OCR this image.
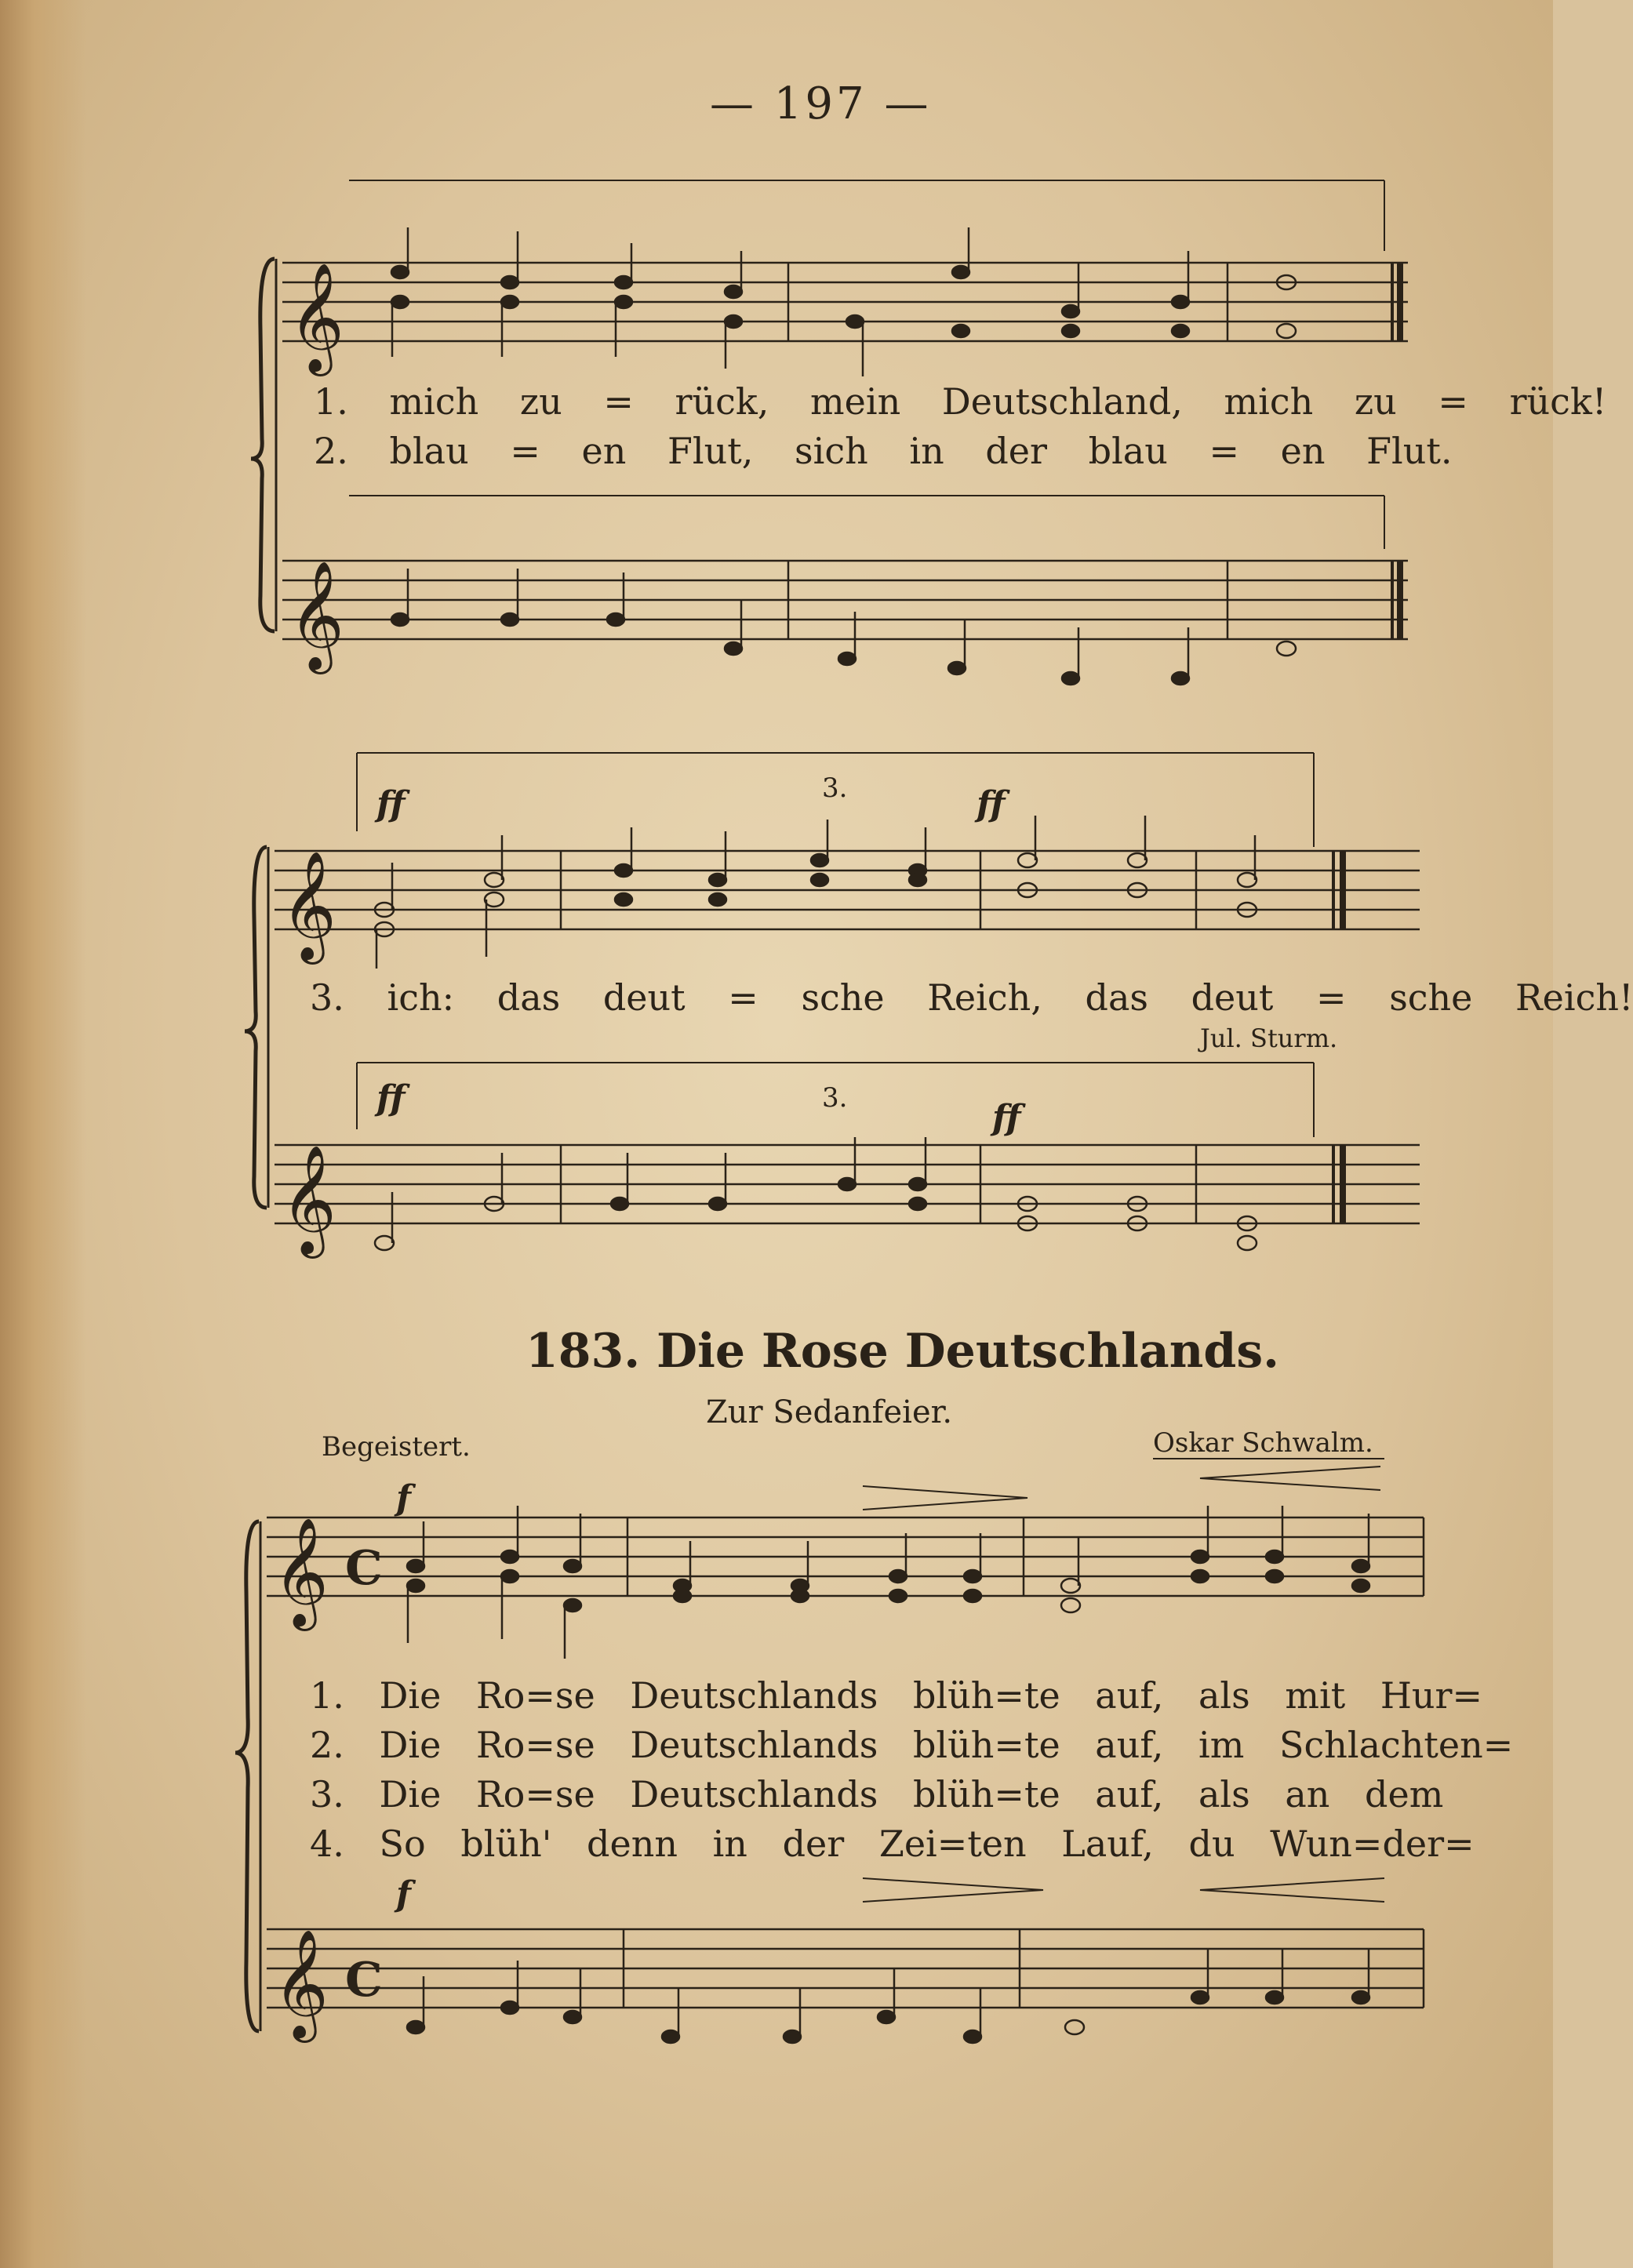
— 197 —
𝄞
𝄞
𝄞
𝄞
𝄞
𝄞
C
C
1. mich zu = rück, mein Deutschland, mich zu = rück!
2. blau = en Flut, sich in der blau = en Flut.
ff	ff
3.
3. ich: das deut = sche Reich, das deut = sche Reich!
Jul. Sturm.
ff	ff
3.
183. Die Rose Deutschlands.
Zur Sedanfeier.
Begeistert.	Oskar Schwalm.
f
f
1. Die Ro=se Deutschlands blüh=te auf, als mit Hur=
2. Die Ro=se Deutschlands blüh=te auf, im Schlachten=
3. Die Ro=se Deutschlands blüh=te auf, als an dem
4. So blüh' denn in der Zei=ten Lauf, du Wun=der=
